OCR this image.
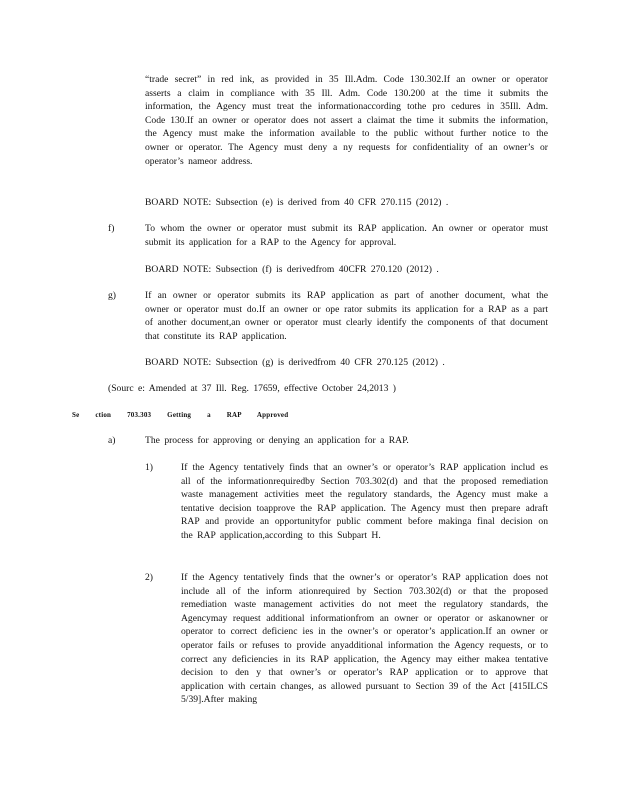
“trade secret” in red ink, as provided in 35 Ill.Adm. Code 130.302.If an owner or operator asserts a claim in compliance with 35 Ill. Adm. Code 130.200 at the time it submits the information, the Agency must treat the informationaccording tothe pro cedures in 35Ill. Adm. Code 130.If an owner or operator does not assert a claimat the time it submits the information, the Agency must make the information available to the public without further notice to the owner or operator. The Agency must deny a ny requests for confidentiality of an owner’s or operator’s nameor address.

BOARD NOTE: Subsection (e) is derived from 40 CFR 270.115 (2012) .

f)	To whom the owner or operator must submit its RAP application. An owner or operator must submit its application for a RAP to the Agency for approval.

BOARD NOTE: Subsection (f) is derivedfrom 40CFR 270.120 (2012) .

g)	If an owner or operator submits its RAP application as part of another document, what the owner or operator must do.If an owner or ope rator submits its application for a RAP as a part of another document,an owner or operator must clearly identify the components of that document that constitute its RAP application.

BOARD NOTE: Subsection (g) is derivedfrom 40 CFR 270.125 (2012) .

(Sourc e: Amended at 37 Ill. Reg. 17659, effective October 24,2013 )

Se ction 703.303 Getting a RAP Approved
a)	The process for approving or denying an application for a RAP.

1)	If the Agency tentatively finds that an owner’s or operator’s RAP application includ es all of the informationrequiredby Section 703.302(d) and that the proposed remediation waste management activities meet the regulatory standards, the Agency must make a tentative decision toapprove the RAP application. The Agency must then prepare adraft RAP and provide an opportunityfor public comment before makinga final decision on the RAP application,according to this Subpart H.

2)	If the Agency tentatively finds that the owner’s or operator’s RAP application does not include all of the inform ationrequired by Section 703.302(d) or that the proposed remediation waste management activities do not meet the regulatory standards, the Agencymay request additional informationfrom an owner or operator or askanowner or operator to correct deficienc ies in the owner’s or operator’s application.If an owner or operator fails or refuses to provide anyadditional information the Agency requests, or to correct any deficiencies in its RAP application, the Agency may either makea tentative decision to den y that owner’s or operator’s RAP application or to approve that application with certain changes, as allowed pursuant to Section 39 of the Act [415ILCS 5/39].After making
